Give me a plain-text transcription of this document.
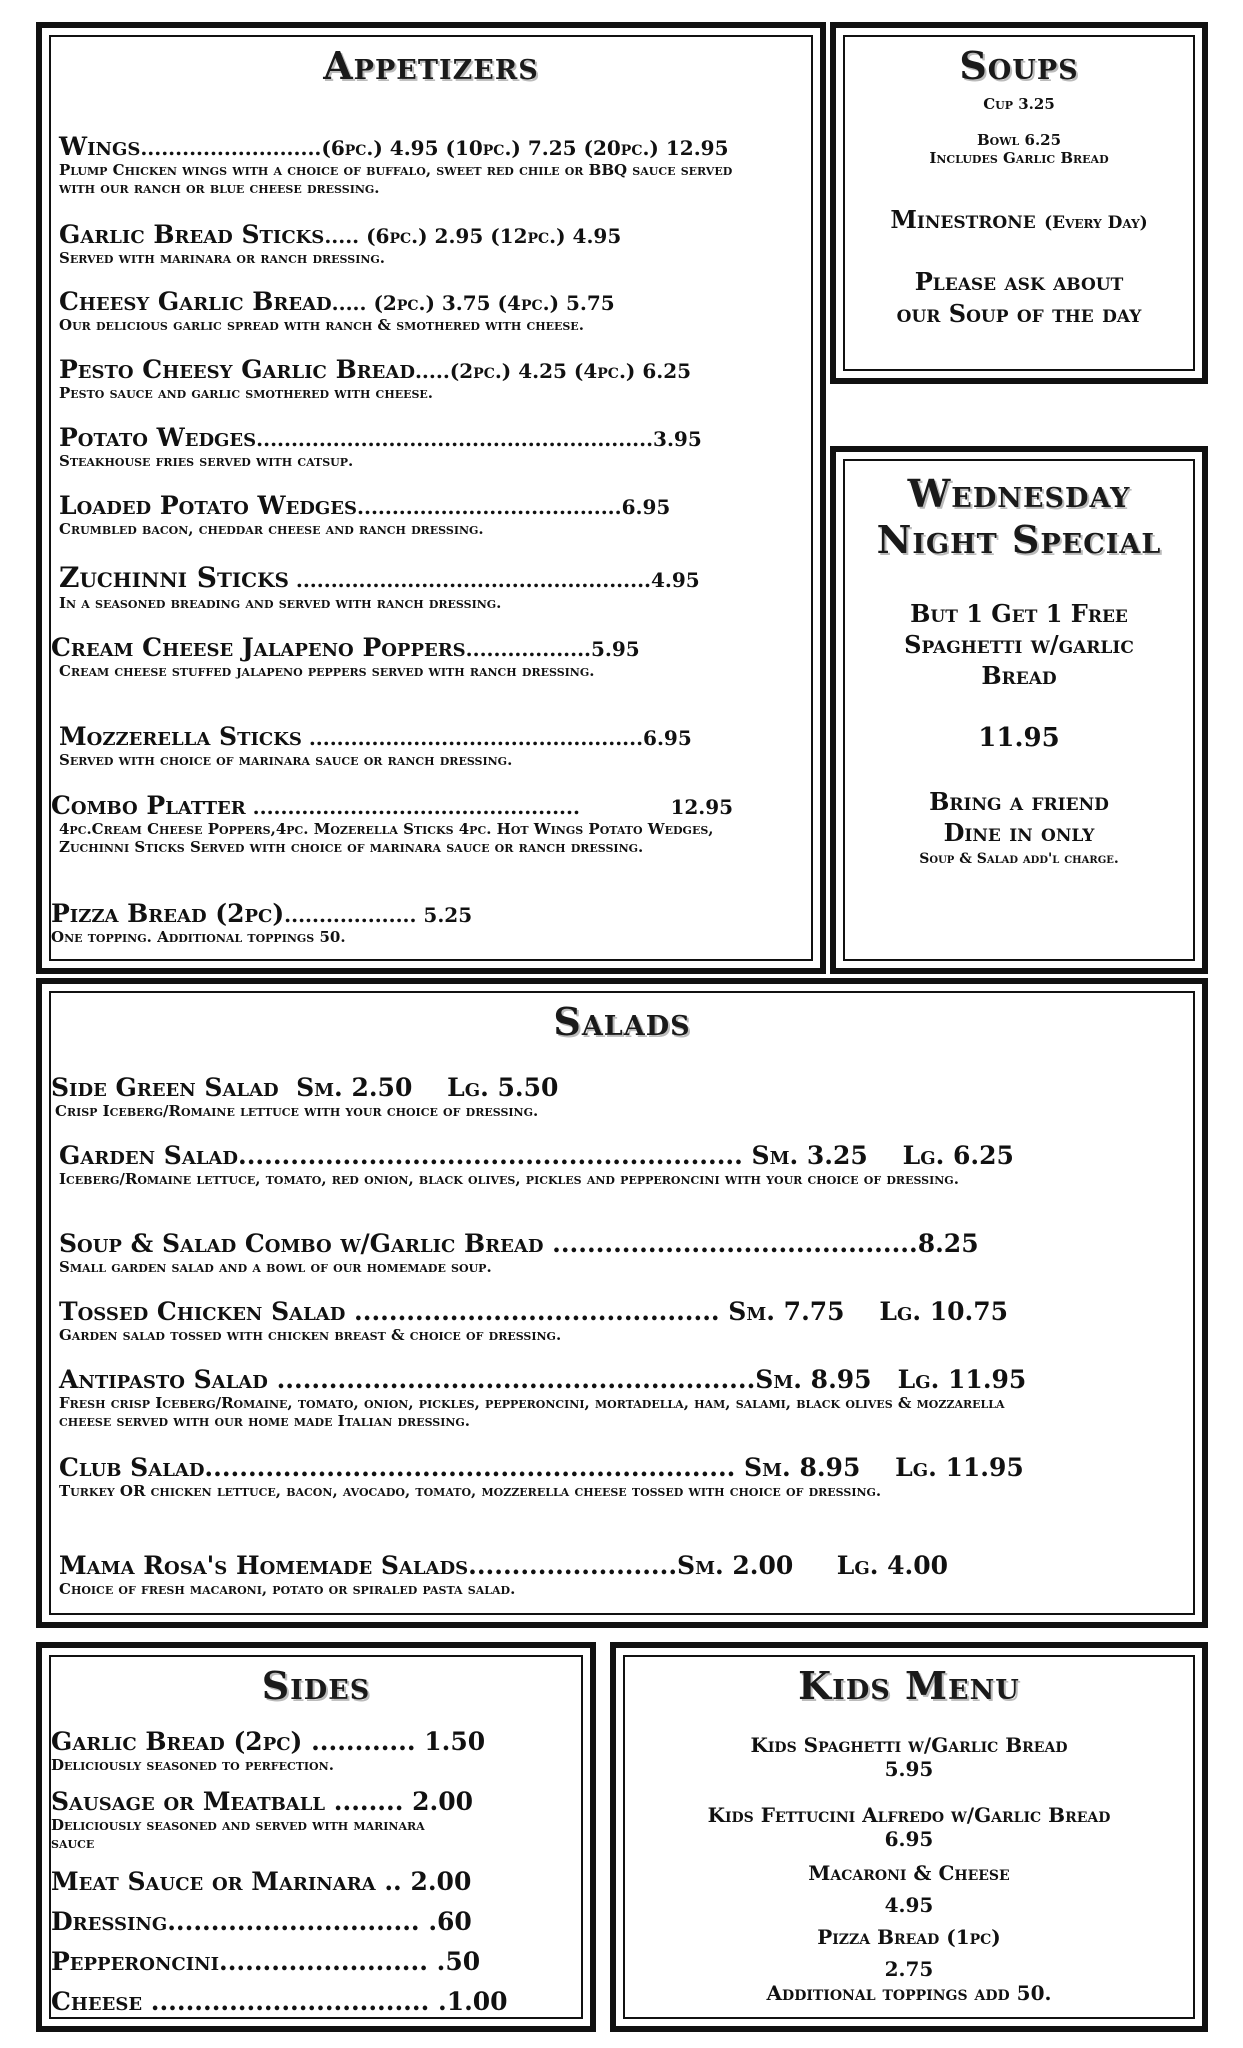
Appetizers
Wings..........................(6pc.) 4.95 (10pc.) 7.25 (20pc.) 12.95
Plump Chicken wings with a choice of buffalo, sweet red chile or BBQ sauce served with our ranch or blue cheese dressing.
Garlic Bread Sticks..... (6pc.) 2.95 (12pc.) 4.95
Served with marinara or ranch dressing.
Cheesy Garlic Bread..... (2pc.) 3.75 (4pc.) 5.75
Our delicious garlic spread with ranch & smothered with cheese.
Pesto Cheesy Garlic Bread.....(2pc.) 4.25 (4pc.) 6.25
Pesto sauce and garlic smothered with cheese.
Potato Wedges.........................................................3.95
Steakhouse fries served with catsup.
Loaded Potato Wedges......................................6.95
Crumbled bacon, cheddar cheese and ranch dressing.
Zuchinni Sticks ...................................................4.95
In a seasoned breading and served with ranch dressing.
Cream Cheese Jalapeno Poppers..................5.95
Cream cheese stuffed jalapeno peppers served with ranch dressing.
Mozzerella Sticks ................................................6.95
Served with choice of marinara sauce or ranch dressing.
Combo Platter ...............................................             12.95
4pc.Cream Cheese Poppers,4pc. Mozerella Sticks 4pc. Hot Wings Potato Wedges, Zuchinni Sticks Served with choice of marinara sauce or ranch dressing.
Pizza Bread (2pc)................... 5.25
One topping. Additional toppings 50.
Soups
Cup 3.25
Bowl 6.25
Includes Garlic Bread
Minestrone (Every Day)
Please ask about
our Soup of the day
Wednesday
Night Special
But 1 Get 1 Free
Spaghetti w/garlic
Bread
11.95
Bring a friend
Dine in only
Soup & Salad add'l charge.
Salads
Side Green Salad  Sm. 2.50    Lg. 5.50
Crisp Iceberg/Romaine lettuce with your choice of dressing.
Garden Salad.......................................................... Sm. 3.25    Lg. 6.25
Iceberg/Romaine lettuce, tomato, red onion, black olives, pickles and pepperoncini with your choice of dressing.
Soup & Salad Combo w/Garlic Bread ..........................................8.25
Small garden salad and a bowl of our homemade soup.
Tossed Chicken Salad .......................................... Sm. 7.75    Lg. 10.75
Garden salad tossed with chicken breast & choice of dressing.
Antipasto Salad .......................................................Sm. 8.95   Lg. 11.95
Fresh crisp Iceberg/Romaine, tomato, onion, pickles, pepperoncini, mortadella, ham, salami, black olives & mozzarella cheese served with our home made Italian dressing.
Club Salad............................................................. Sm. 8.95    Lg. 11.95
Turkey OR chicken lettuce, bacon, avocado, tomato, mozzerella cheese tossed with choice of dressing.
Mama Rosa's Homemade Salads........................Sm. 2.00     Lg. 4.00
Choice of fresh macaroni, potato or spiraled pasta salad.
Sides
Garlic Bread (2pc) ............ 1.50
Deliciously seasoned to perfection.
Sausage or Meatball ........ 2.00
Deliciously seasoned and served with marinara sauce
Meat Sauce or Marinara .. 2.00
Dressing............................. .60
Pepperoncini........................ .50
Cheese ................................ .1.00
Kids Menu
Kids Spaghetti w/Garlic Bread
5.95
Kids Fettucini Alfredo w/Garlic Bread
6.95
Macaroni & Cheese
4.95
Pizza Bread (1pc)
2.75
Additional toppings add 50.
